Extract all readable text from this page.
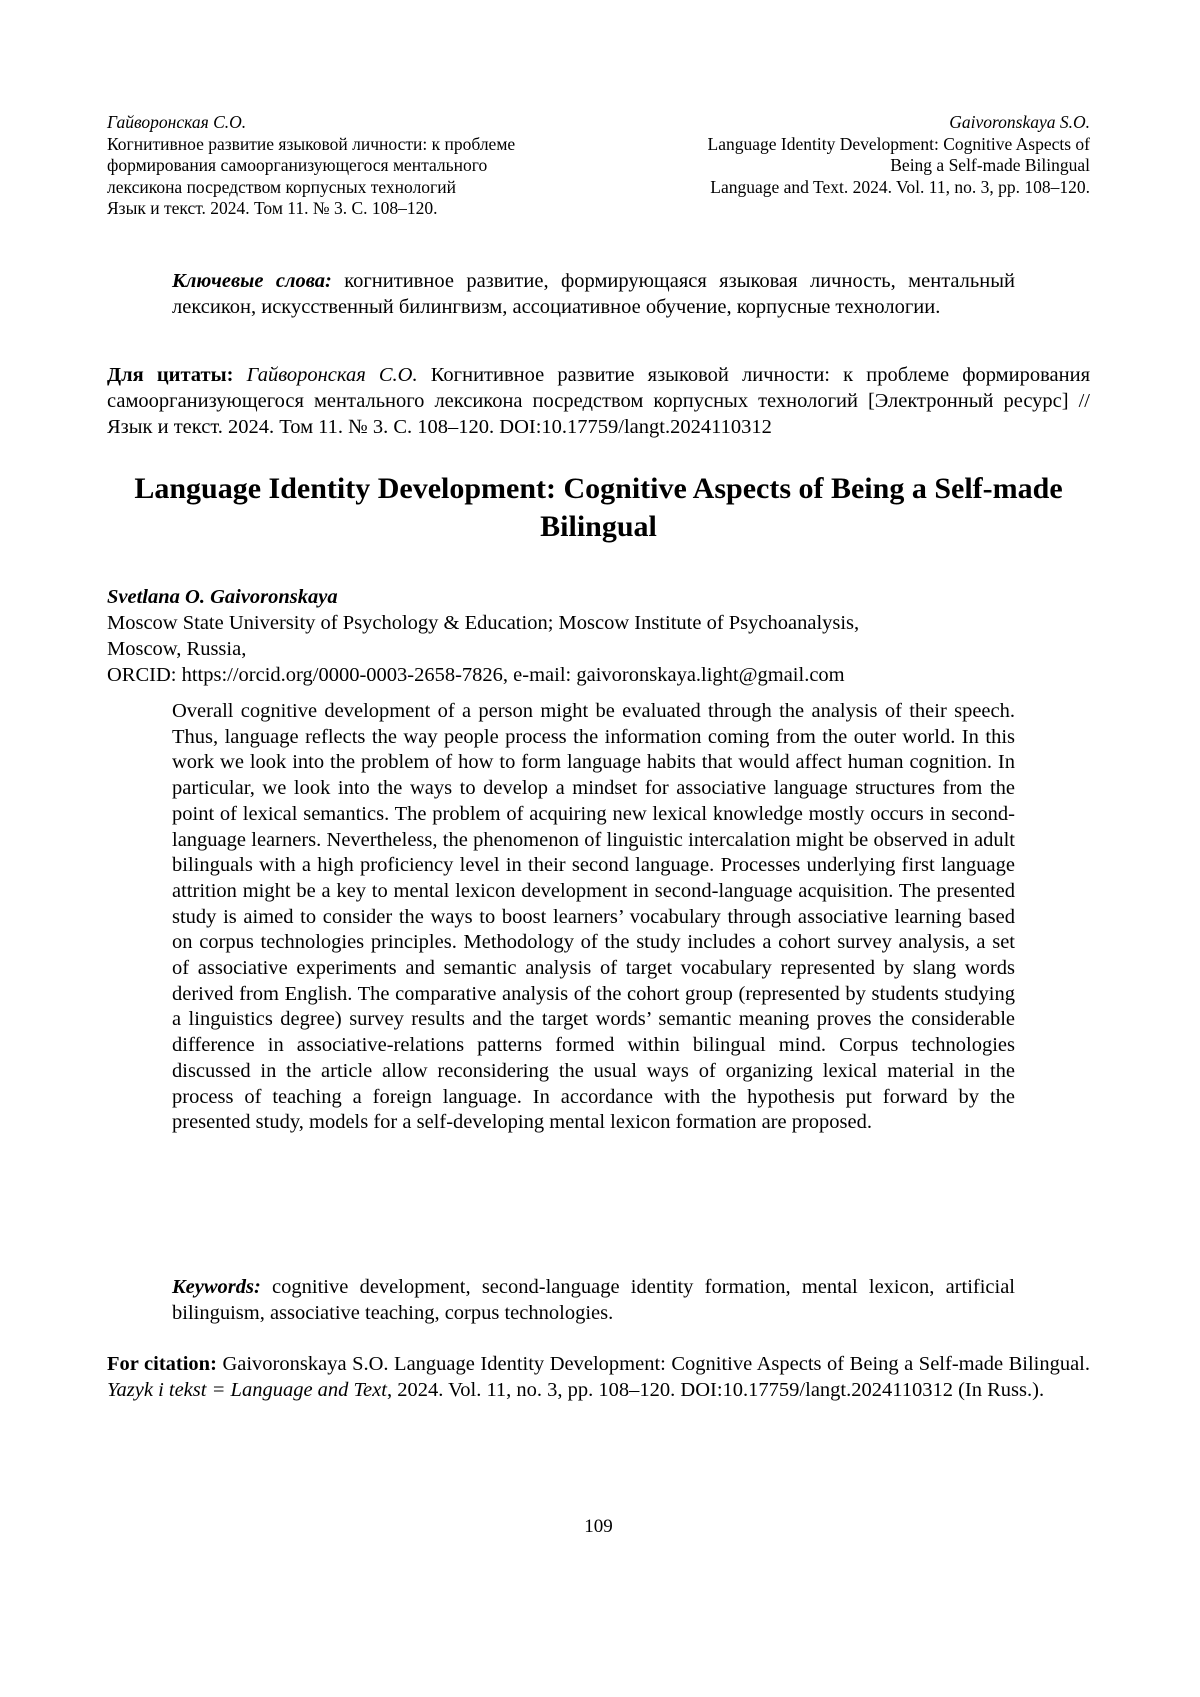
Гайворонская С.О.
Когнитивное развитие языковой личности: к проблеме
формирования самоорганизующегося ментального
лексикона посредством корпусных технологий
Язык и текст. 2024. Том 11. № 3. С. 108–120.
Gaivoronskaya S.O.
Language Identity Development: Cognitive Aspects of
Being a Self-made Bilingual
Language and Text. 2024. Vol. 11, no. 3, pp. 108–120.

Ключевые слова: когнитивное развитие, формирующаяся языковая личность, ментальный лексикон, искусственный билингвизм, ассоциативное обучение, корпусные технологии.

Для цитаты: Гайворонская С.О. Когнитивное развитие языковой личности: к проблеме формирования самоорганизующегося ментального лексикона посредством корпусных технологий [Электронный ресурс] // Язык и текст. 2024. Том 11. № 3. С. 108–120. DOI:10.17759/langt.2024110312

Language Identity Development: Cognitive Aspects of Being a Self-made Bilingual
Svetlana O. Gaivoronskaya
Moscow State University of Psychology & Education; Moscow Institute of Psychoanalysis,
Moscow, Russia,
ORCID: https://orcid.org/0000-0003-2658-7826, e-mail: gaivoronskaya.light@gmail.com

Overall cognitive development of a person might be evaluated through the analysis of their speech. Thus, language reflects the way people process the information coming from the outer world. In this work we look into the problem of how to form language habits that would affect human cognition. In particular, we look into the ways to develop a mindset for associative language structures from the point of lexical semantics. The problem of acquiring new lexical knowledge mostly occurs in second-language learners. Nevertheless, the phenomenon of linguistic intercalation might be observed in adult bilinguals with a high proficiency level in their second language. Processes underlying first language attrition might be a key to mental lexicon development in second-language acquisition. The presented study is aimed to consider the ways to boost learners’ vocabulary through associative learning based on corpus technologies principles. Methodology of the study includes a cohort survey analysis, a set of associative experiments and semantic analysis of target vocabulary represented by slang words derived from English. The comparative analysis of the cohort group (represented by students studying a linguistics degree) survey results and the target words’ semantic meaning proves the considerable difference in associative-relations patterns formed within bilingual mind. Corpus technologies discussed in the article allow reconsidering the usual ways of organizing lexical material in the process of teaching a foreign language. In accordance with the hypothesis put forward by the presented study, models for a self-developing mental lexicon formation are proposed.

Keywords: cognitive development, second-language identity formation, mental lexicon, artificial bilinguism, associative teaching, corpus technologies.

For citation: Gaivoronskaya S.O. Language Identity Development: Cognitive Aspects of Being a Self-made Bilingual. Yazyk i tekst = Language and Text, 2024. Vol. 11, no. 3, pp. 108–120. DOI:10.17759/langt.2024110312 (In Russ.).

109
